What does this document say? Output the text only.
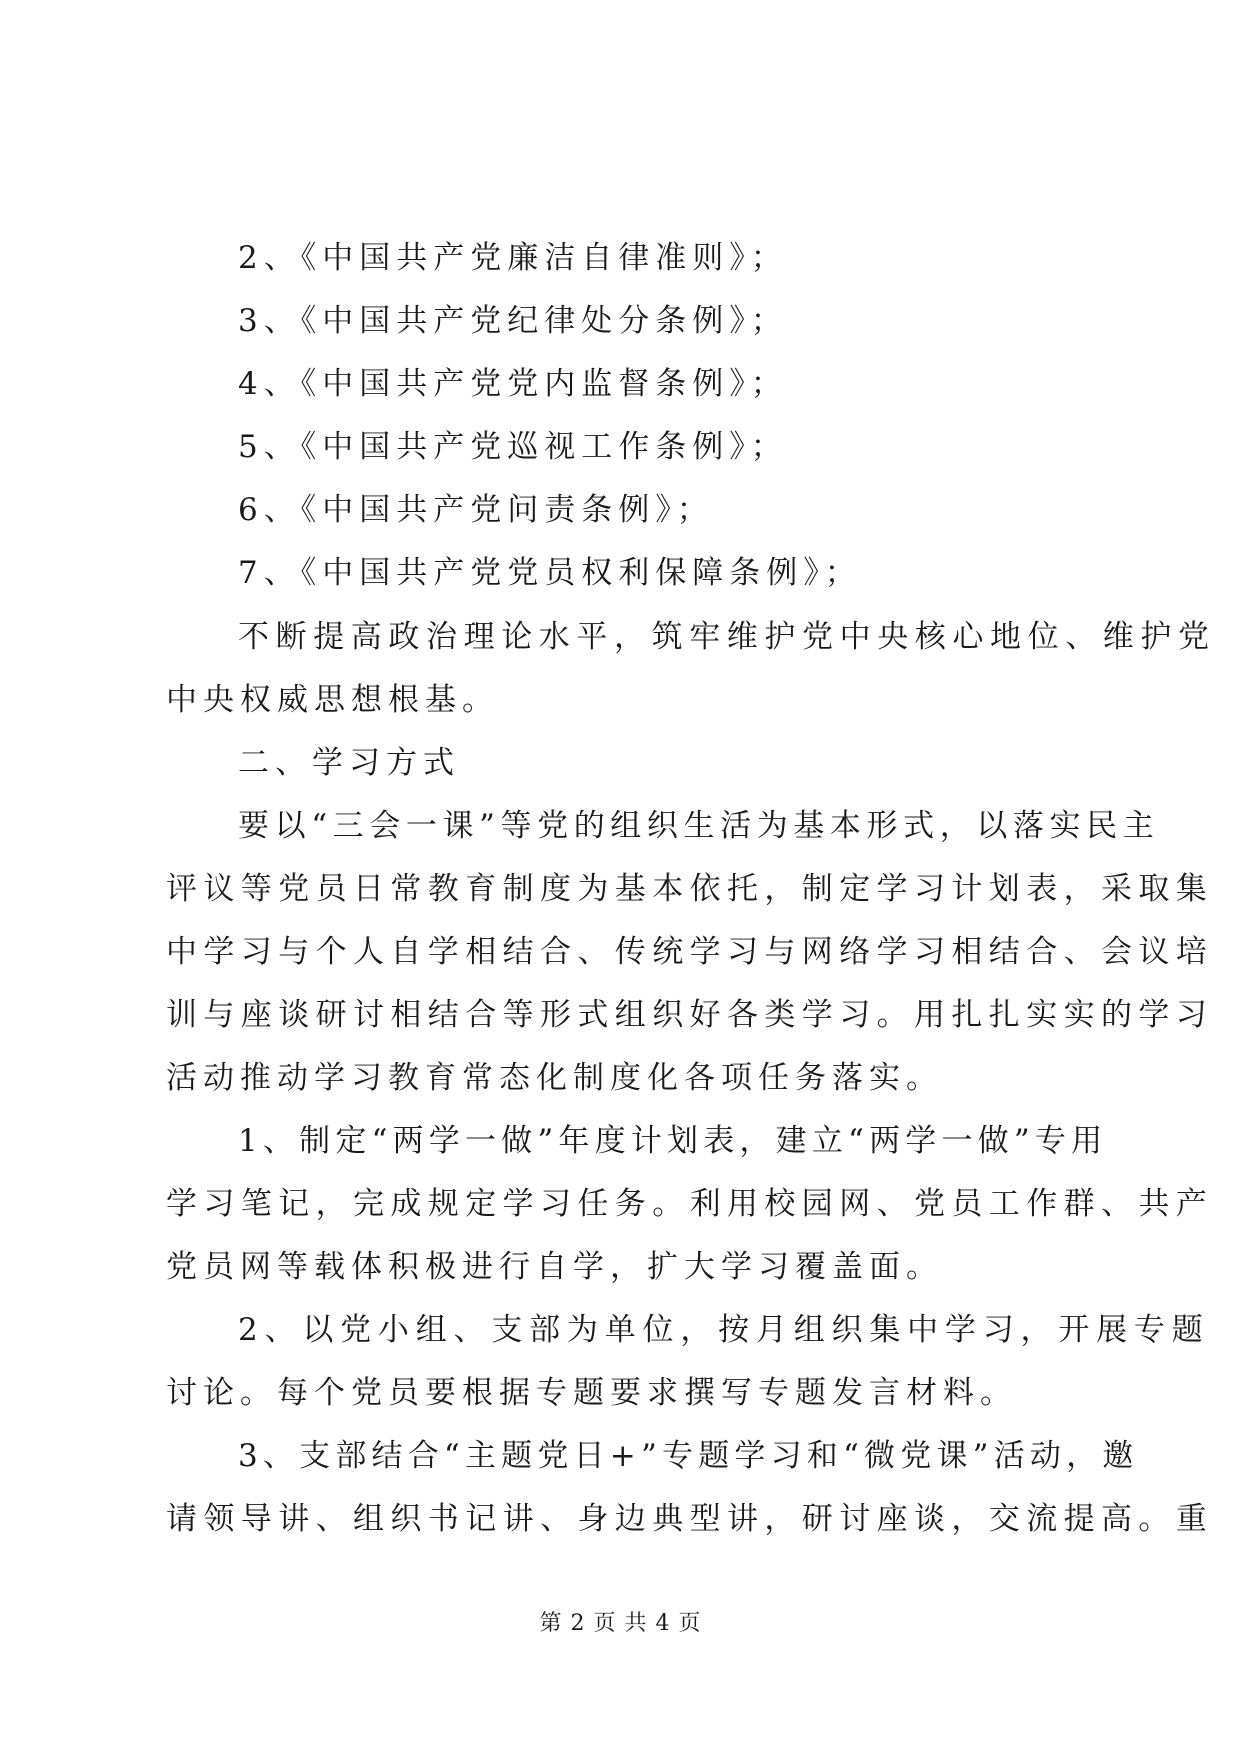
2、《中国共产党廉洁自律准则》；
3、《中国共产党纪律处分条例》；
4、《中国共产党党内监督条例》；
5、《中国共产党巡视工作条例》；
6、《中国共产党问责条例》；
7、《中国共产党党员权利保障条例》；
不断提高政治理论水平，筑牢维护党中央核心地位、维护党
中央权威思想根基。
二、学习方式
要以“三会一课”等党的组织生活为基本形式，以落实民主
评议等党员日常教育制度为基本依托，制定学习计划表，采取集
中学习与个人自学相结合、传统学习与网络学习相结合、会议培
训与座谈研讨相结合等形式组织好各类学习。用扎扎实实的学习
活动推动学习教育常态化制度化各项任务落实。
1、制定“两学一做”年度计划表，建立“两学一做”专用
学习笔记，完成规定学习任务。利用校园网、党员工作群、共产
党员网等载体积极进行自学，扩大学习覆盖面。
2、以党小组、支部为单位，按月组织集中学习，开展专题
讨论。每个党员要根据专题要求撰写专题发言材料。
3、支部结合“主题党日+”专题学习和“微党课”活动，邀
请领导讲、组织书记讲、身边典型讲，研讨座谈，交流提高。重
第 2 页 共 4 页
